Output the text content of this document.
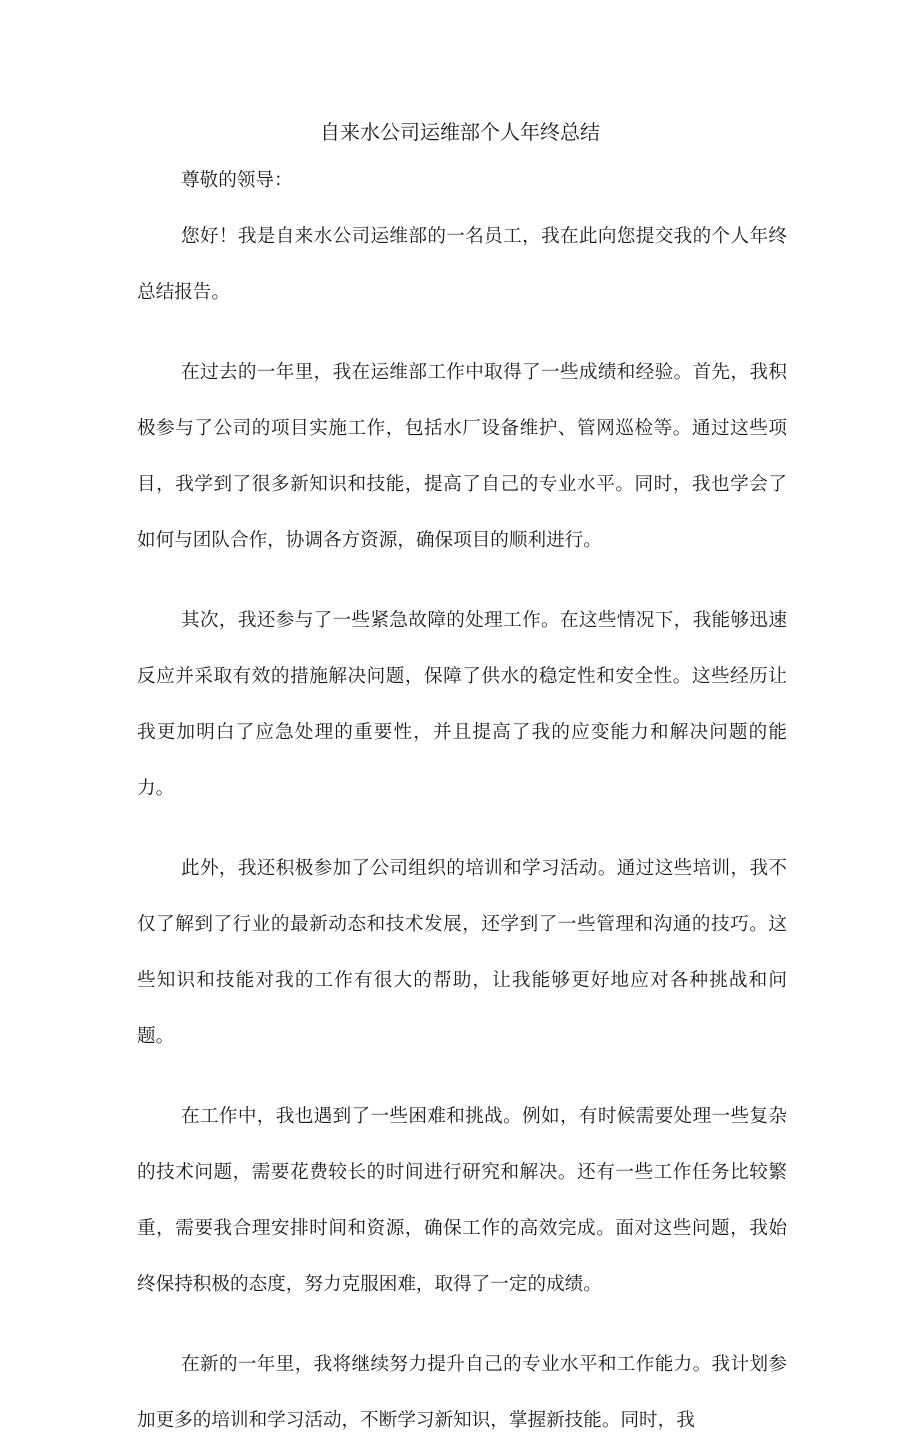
自来水公司运维部个人年终总结

尊敬的领导：

您好！我是自来水公司运维部的一名员工，我在此向您提交我的个人年终总结报告。

在过去的一年里，我在运维部工作中取得了一些成绩和经验。首先，我积极参与了公司的项目实施工作，包括水厂设备维护、管网巡检等。通过这些项目，我学到了很多新知识和技能，提高了自己的专业水平。同时，我也学会了如何与团队合作，协调各方资源，确保项目的顺利进行。

其次，我还参与了一些紧急故障的处理工作。在这些情况下，我能够迅速反应并采取有效的措施解决问题，保障了供水的稳定性和安全性。这些经历让我更加明白了应急处理的重要性，并且提高了我的应变能力和解决问题的能力。

此外，我还积极参加了公司组织的培训和学习活动。通过这些培训，我不仅了解到了行业的最新动态和技术发展，还学到了一些管理和沟通的技巧。这些知识和技能对我的工作有很大的帮助，让我能够更好地应对各种挑战和问题。

在工作中，我也遇到了一些困难和挑战。例如，有时候需要处理一些复杂的技术问题，需要花费较长的时间进行研究和解决。还有一些工作任务比较繁重，需要我合理安排时间和资源，确保工作的高效完成。面对这些问题，我始终保持积极的态度，努力克服困难，取得了一定的成绩。

在新的一年里，我将继续努力提升自己的专业水平和工作能力。我计划参加更多的培训和学习活动，不断学习新知识，掌握新技能。同时，我
